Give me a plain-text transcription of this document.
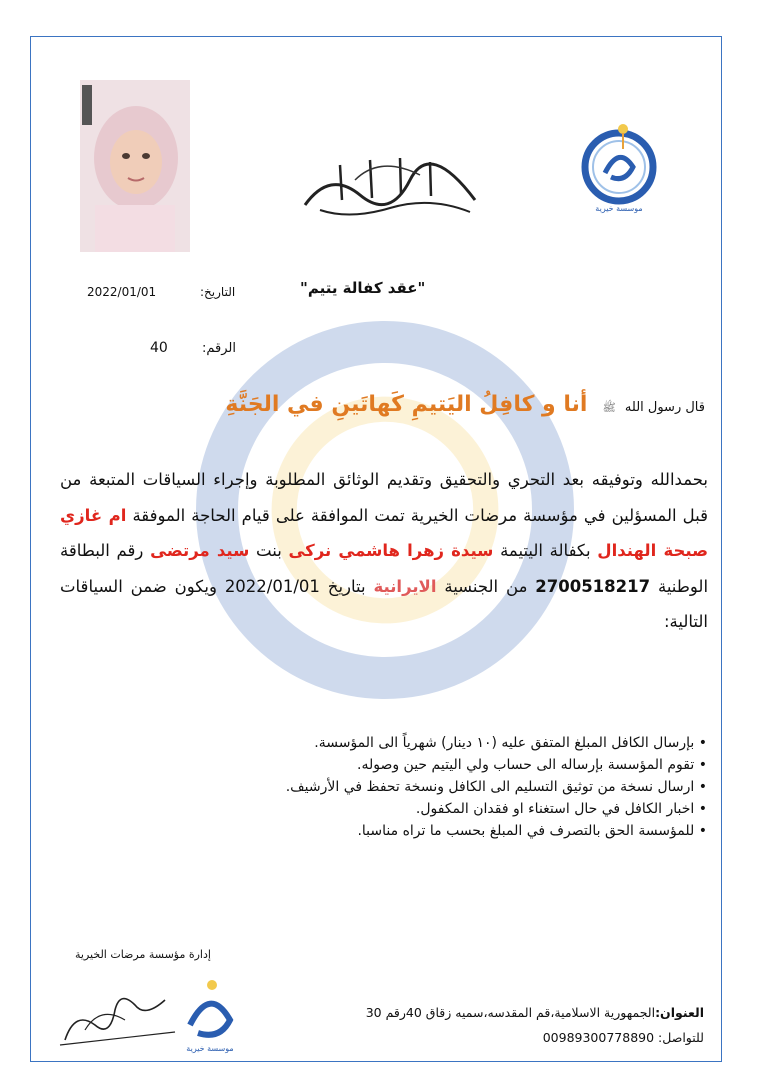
موسسة خيرية
"عقد كفالة يتيم"
التاريخ:
2022/01/01
الرقم:
40
قال رسول الله ﷺ أنا و كافِلُ اليَتيمِ كَهاتَينِ في الجَنَّةِ
بحمدالله وتوفيقه بعد التحري والتحقيق وتقديم الوثائق المطلوبة وإجراء السياقات المتبعة من قبل المسؤلين في مؤسسة مرضات الخيرية تمت الموافقة على قيام الحاجة الموفقة ام غازي صبحة الهندال بكفالة اليتيمة سيدة زهرا هاشمي نركى بنت سيد مرتضى رقم البطاقة الوطنية 2700518217 من الجنسية الايرانية بتاريخ 2022/01/01 ويكون ضمن السياقات التالية:
• بإرسال الكافل المبلغ المتفق عليه (١٠ دينار) شهرياً الى المؤسسة.
• تقوم المؤسسة بإرساله الى حساب ولي اليتيم حين وصوله.
• ارسال نسخة من توثيق التسليم الى الكافل ونسخة تحفظ في الأرشيف.
• اخبار الكافل في حال استغناء او فقدان المكفول.
• للمؤسسة الحق بالتصرف في المبلغ بحسب ما تراه مناسبا.
إدارة مؤسسة مرضات الخيرية
موسسة خيرية
العنوان:الجمهورية الاسلامية،قم المقدسه،سميه زقاق 40رقم 30
للتواصل: 00989300778890
